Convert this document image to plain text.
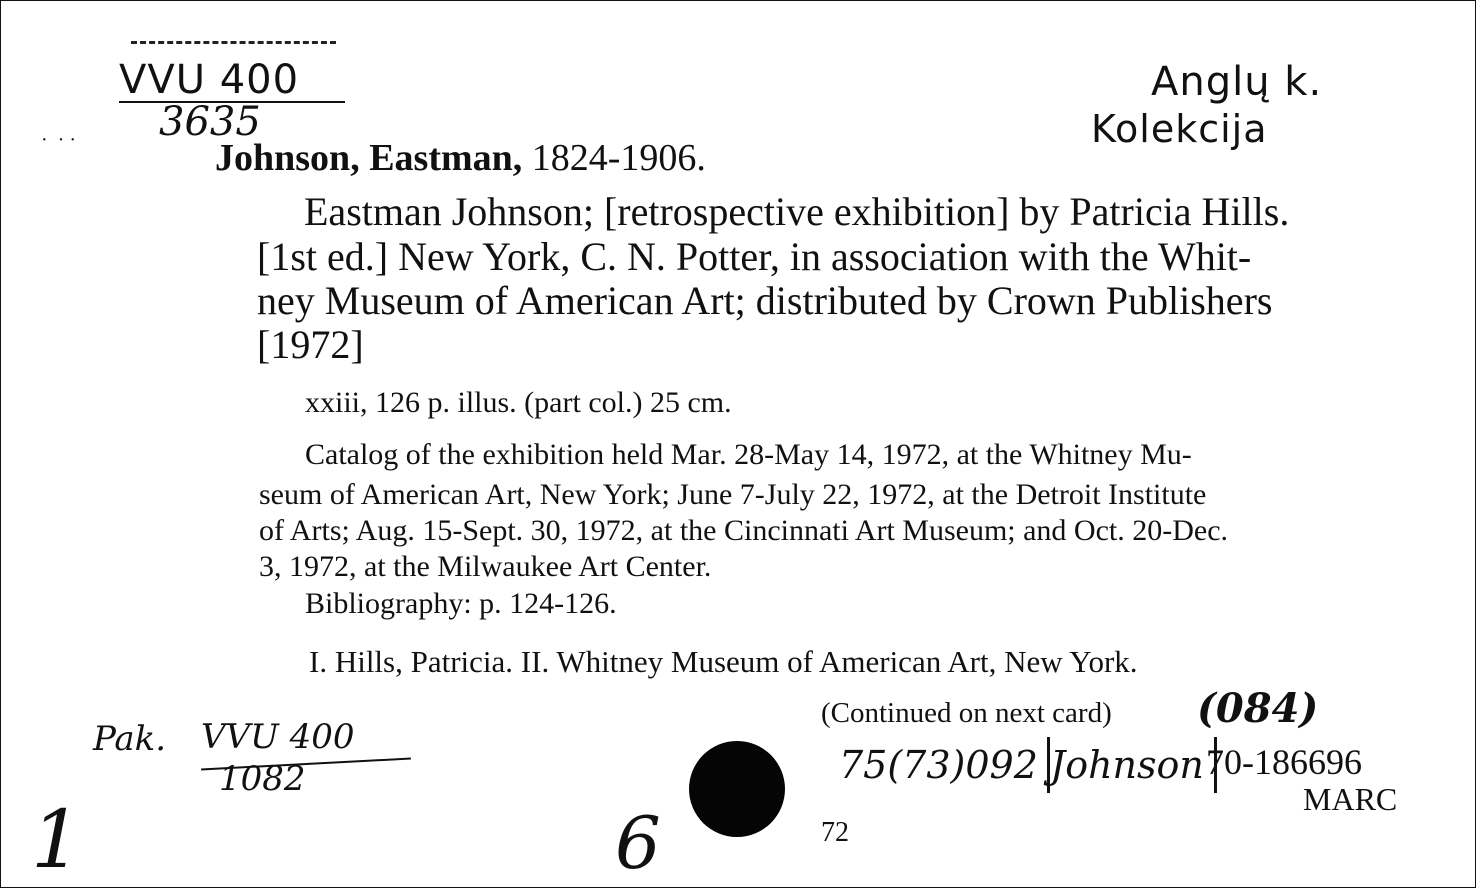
VVU 400
3635
·  · ·
Anglų k.
Kolekcija
Johnson, Eastman, 1824-1906.
Eastman Johnson; [retrospective exhibition] by Patricia Hills.
[1st ed.] New York, C. N. Potter, in association with the Whit-
ney Museum of American Art; distributed by Crown Publishers
[1972]
xxiii, 126 p. illus. (part col.) 25 cm.
Catalog of the exhibition held Mar. 28-May 14, 1972, at the Whitney Mu-
seum of American Art, New York; June 7-July 22, 1972, at the Detroit Institute
of Arts; Aug. 15-Sept. 30, 1972, at the Cincinnati Art Museum; and Oct. 20-Dec.
3, 1972, at the Milwaukee Art Center.
Bibliography: p. 124-126.
I. Hills, Patricia. II. Whitney Museum of American Art, New York.
(Continued on next card) (084)
75(73)092 Johnson 70-186696
MARC
72
Pak. VVU 400
1082
1	6
